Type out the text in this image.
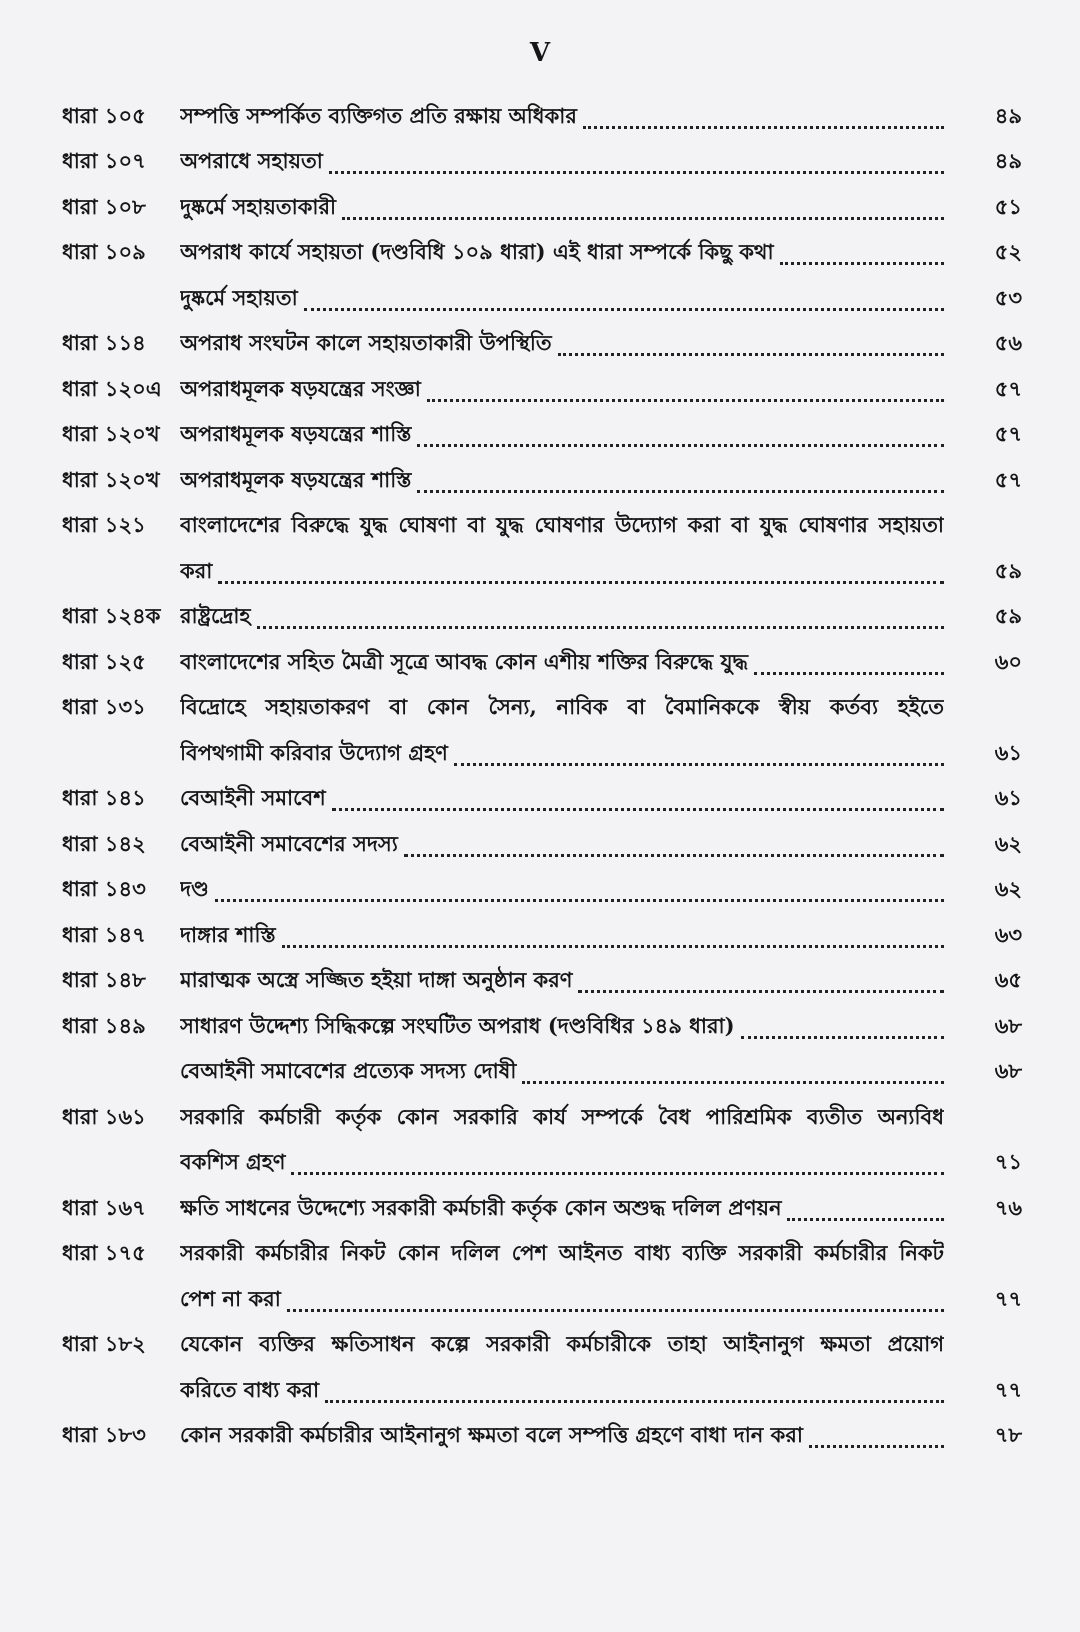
V
ধারা ১০৫	সম্পত্তি সম্পর্কিত ব্যক্তিগত প্রতি রক্ষায় অধিকার	৪৯
ধারা ১০৭	অপরাধে সহায়তা	৪৯
ধারা ১০৮	দুষ্কর্মে সহায়তাকারী	৫১
ধারা ১০৯	অপরাধ কার্যে সহায়তা (দণ্ডবিধি ১০৯ ধারা) এই ধারা সম্পর্কে কিছু কথা	৫২
দুষ্কর্মে সহায়তা	৫৩
ধারা ১১৪	অপরাধ সংঘটন কালে সহায়তাকারী উপস্থিতি	৫৬
ধারা ১২০এ অপরাধমূলক ষড়যন্ত্রের সংজ্ঞা	৫৭
ধারা ১২০খ অপরাধমূলক ষড়যন্ত্রের শাস্তি	৫৭
ধারা ১২০খ অপরাধমূলক ষড়যন্ত্রের শাস্তি	৫৭
ধারা ১২১	বাংলাদেশের বিরুদ্ধে যুদ্ধ ঘোষণা বা যুদ্ধ ঘোষণার উদ্যোগ করা বা যুদ্ধ ঘোষণার সহায়তা
করা	৫৯
ধারা ১২৪ক রাষ্ট্রদ্রোহ	৫৯
ধারা ১২৫	বাংলাদেশের সহিত মৈত্রী সূত্রে আবদ্ধ কোন এশীয় শক্তির বিরুদ্ধে যুদ্ধ	৬০
ধারা ১৩১	বিদ্রোহে সহায়তাকরণ বা কোন সৈন্য, নাবিক বা বৈমানিককে স্বীয় কর্তব্য হইতে
বিপথগামী করিবার উদ্যোগ গ্রহণ	৬১
ধারা ১৪১	বেআইনী সমাবেশ	৬১
ধারা ১৪২	বেআইনী সমাবেশের সদস্য	৬২
ধারা ১৪৩	দণ্ড	৬২
ধারা ১৪৭	দাঙ্গার শাস্তি	৬৩
ধারা ১৪৮	মারাত্মক অস্ত্রে সজ্জিত হইয়া দাঙ্গা অনুষ্ঠান করণ	৬৫
ধারা ১৪৯	সাধারণ উদ্দেশ্য সিদ্ধিকল্পে সংঘটিত অপরাধ (দণ্ডবিধির ১৪৯ ধারা)	৬৮
বেআইনী সমাবেশের প্রত্যেক সদস্য দোষী	৬৮
ধারা ১৬১	সরকারি কর্মচারী কর্তৃক কোন সরকারি কার্য সম্পর্কে বৈধ পারিশ্রমিক ব্যতীত অন্যবিধ
বকশিস গ্রহণ	৭১
ধারা ১৬৭	ক্ষতি সাধনের উদ্দেশ্যে সরকারী কর্মচারী কর্তৃক কোন অশুদ্ধ দলিল প্রণয়ন	৭৬
ধারা ১৭৫	সরকারী কর্মচারীর নিকট কোন দলিল পেশ আইনত বাধ্য ব্যক্তি সরকারী কর্মচারীর নিকট
পেশ না করা	৭৭
ধারা ১৮২	যেকোন ব্যক্তির ক্ষতিসাধন কল্পে সরকারী কর্মচারীকে তাহা আইনানুগ ক্ষমতা প্রয়োগ
করিতে বাধ্য করা	৭৭
ধারা ১৮৩	কোন সরকারী কর্মচারীর আইনানুগ ক্ষমতা বলে সম্পত্তি গ্রহণে বাধা দান করা	৭৮
